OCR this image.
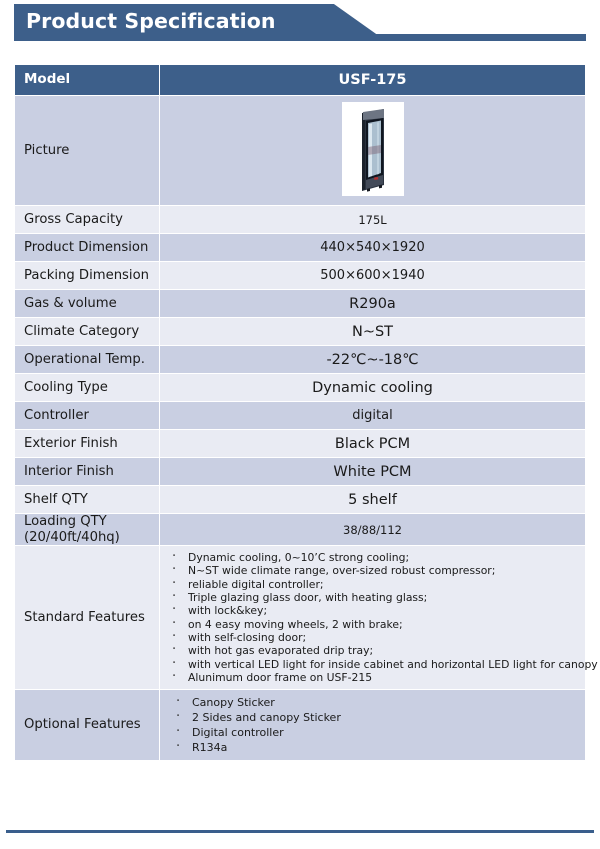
Product Specification
Model	USF-175
Picture	

Gross Capacity	175L
Product Dimension	440×540×1920
Packing Dimension	500×600×1940
Gas & volume	R290a
Climate Category	N~ST
Operational Temp.	-22℃~-18℃
Cooling Type	Dynamic cooling
Controller	digital
Exterior Finish	Black PCM
Interior Finish	White PCM
Shelf QTY	5 shelf
Loading QTY
(20/40ft/40hq)	38/88/112
Standard Features	
· Dynamic cooling, 0~10’C strong cooling;
· N~ST wide climate range, over-sized robust compressor;
· reliable digital controller;
· Triple glazing glass door, with heating glass;
· with lock&key;
· on 4 easy moving wheels, 2 with brake;
· with self-closing door;
· with hot gas evaporated drip tray;
· with vertical LED light for inside cabinet and horizontal LED light for canopy
· Alunimum door frame on USF-215

Optional Features	
· Canopy Sticker
· 2 Sides and canopy Sticker
· Digital controller
· R134a
